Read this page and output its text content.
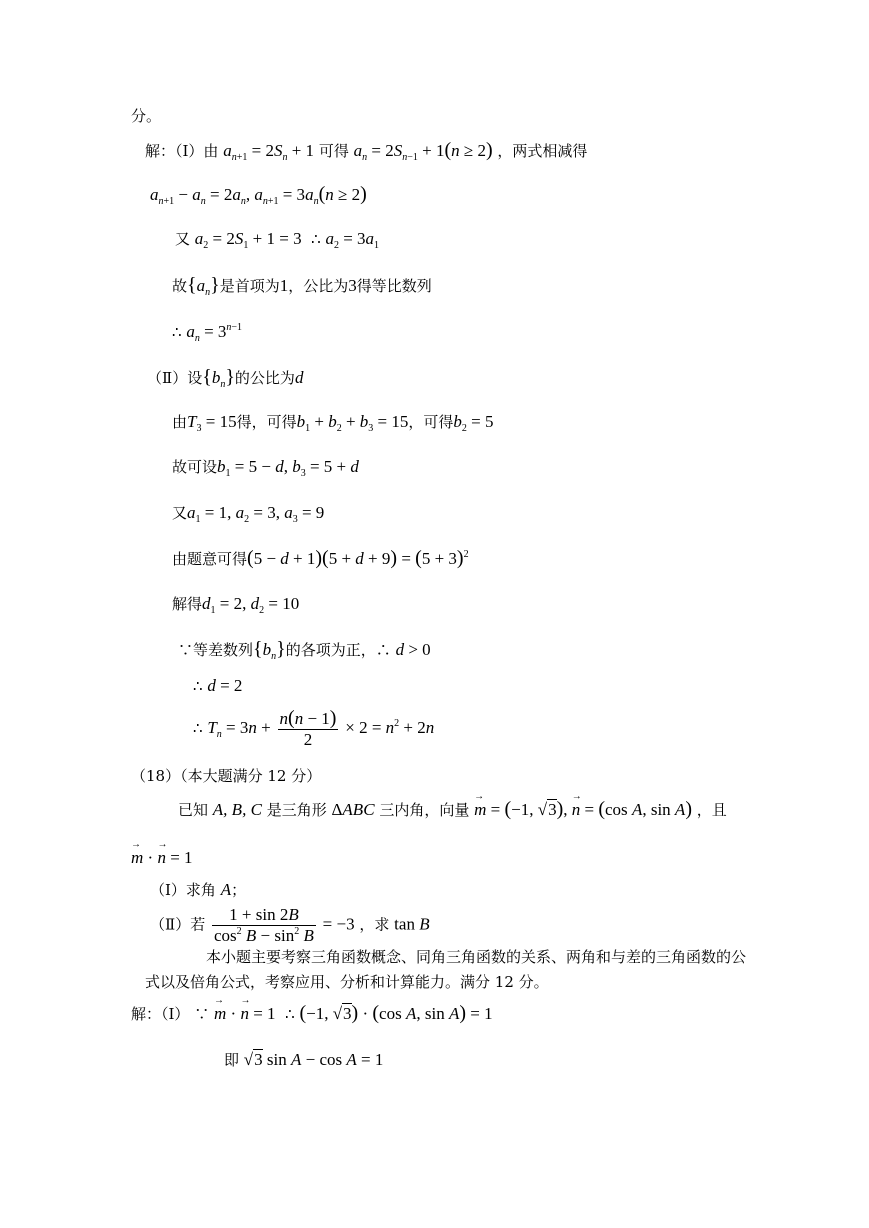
分。
解：（Ⅰ）由 $a_{n+1} = 2S_n + 1$ 可得 $a_n = 2S_{n-1} + 1(n \ge 2)$ ，两式相减得
$a_{n+1} - a_n = 2a_n$, $a_{n+1} = 3a_n(n \ge 2)$
又 $a_2 = 2S_1 + 1 = 3$ ∴ $a_2 = 3a_1$
故$\{a_n\}$是首项为1，公比为3得等比数列
∴ $a_n = 3^{n-1}$
（Ⅱ）设$\{b_n\}$的公比为d
由$T_3 = 15$得，可得$b_1 + b_2 + b_3 = 15$，可得$b_2 = 5$
故可设$b_1 = 5 - d$, $b_3 = 5 + d$
又$a_1 = 1$, $a_2 = 3$, $a_3 = 9$
由题意可得$(5 - d + 1)(5 + d + 9) = (5 + 3)^2$
解得$d_1 = 2$, $d_2 = 10$
∵等差数列$\{b_n\}$的各项为正，∴ d > 0
∴ d = 2
∴ $T_n = 3n + \frac{n(n - 1)}{2} \times 2 = n^2 + 2n$
（18）（本大题满分 12 分）
已知 A, B, C 是三角形 ΔABC 三内角，向量 → m = (−1, √3), → n = (cos A, sin A) ，且
→ m · → n = 1
（Ⅰ）求角 A；
（Ⅱ）若 $\frac{1 + \sin 2B}{\cos^2 B - \sin^2 B} = -3$ ，求 tan B
本小题主要考察三角函数概念、同角三角函数的关系、两角和与差的三角函数的公
式以及倍角公式，考察应用、分析和计算能力。满分 12 分。
解：（Ⅰ） ∵ → m · → n = 1 ∴ (−1, √3) · (cos A, sin A) = 1
即 √3 sin A − cos A = 1
